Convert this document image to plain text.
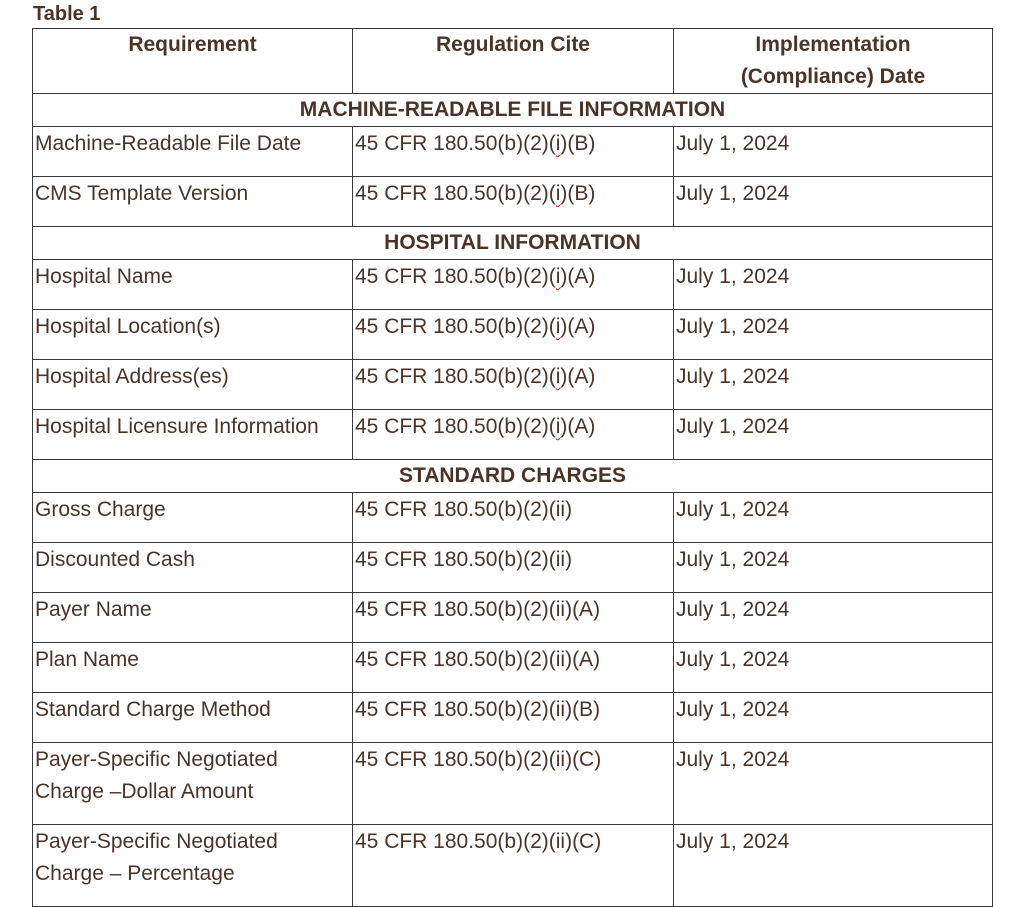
Table 1
Requirement	Regulation Cite	Implementation
(Compliance) Date
MACHINE-READABLE FILE INFORMATION		
Machine-Readable File Date	45 CFR 180.50(b)(2)(i)(B)	July 1, 2024
CMS Template Version	45 CFR 180.50(b)(2)(i)(B)	July 1, 2024
HOSPITAL INFORMATION		
Hospital Name	45 CFR 180.50(b)(2)(i)(A)	July 1, 2024
Hospital Location(s)	45 CFR 180.50(b)(2)(i)(A)	July 1, 2024
Hospital Address(es)	45 CFR 180.50(b)(2)(i)(A)	July 1, 2024
Hospital Licensure Information	45 CFR 180.50(b)(2)(i)(A)	July 1, 2024
STANDARD CHARGES		
Gross Charge	45 CFR 180.50(b)(2)(ii)	July 1, 2024
Discounted Cash	45 CFR 180.50(b)(2)(ii)	July 1, 2024
Payer Name	45 CFR 180.50(b)(2)(ii)(A)	July 1, 2024
Plan Name	45 CFR 180.50(b)(2)(ii)(A)	July 1, 2024
Standard Charge Method	45 CFR 180.50(b)(2)(ii)(B)	July 1, 2024
Payer-Specific Negotiated
Charge –Dollar Amount	45 CFR 180.50(b)(2)(ii)(C)	July 1, 2024
Payer-Specific Negotiated
Charge – Percentage	45 CFR 180.50(b)(2)(ii)(C)	July 1, 2024
